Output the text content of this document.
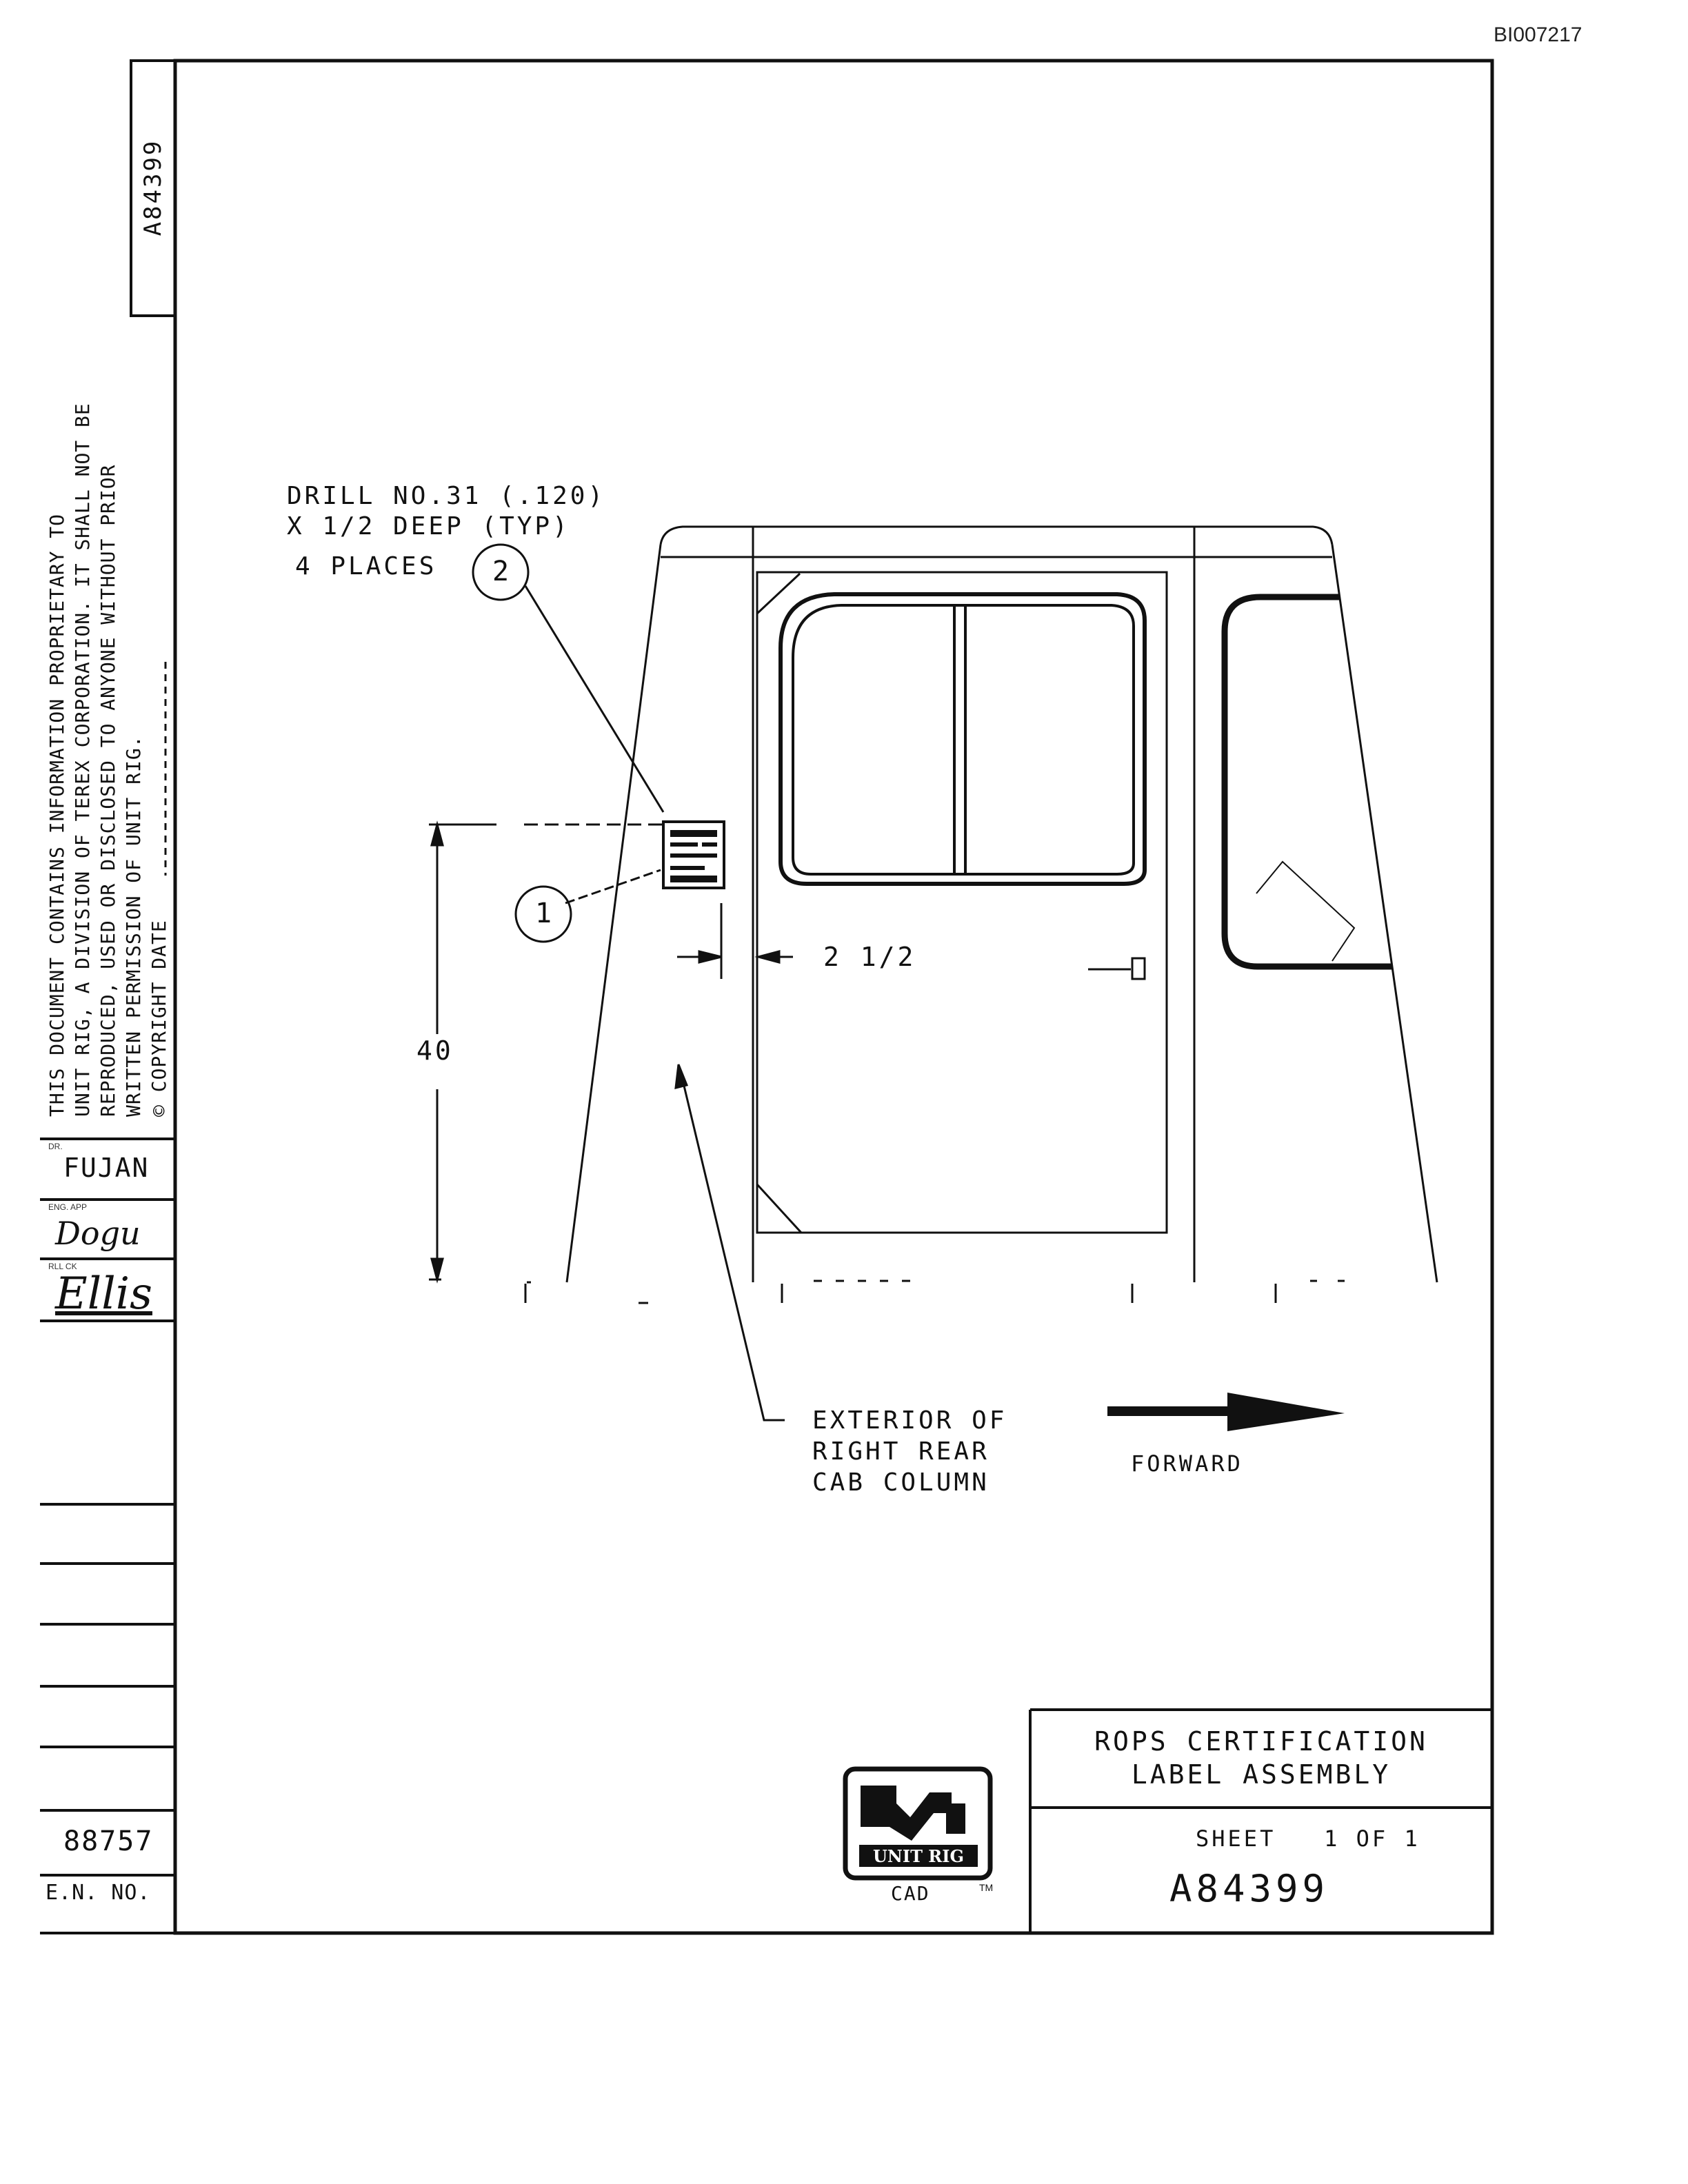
BI007217
A84399
THIS DOCUMENT CONTAINS INFORMATION PROPRIETARY TO UNIT RIG, A DIVISION OF TEREX CORPORATION. IT SHALL NOT BE REPRODUCED, USED OR DISCLOSED TO ANYONE WITHOUT PRIOR WRITTEN PERMISSION OF UNIT RIG. © COPYRIGHT DATE
DR.
FUJAN
ENG. APP
Dogu
RLL CK
Ellis
88757
E.N. NO.
DRILL NO.31 (.120)
X 1/2 DEEP (TYP)
4 PLACES	2
1
2 1/2
40
EXTERIOR OF
RIGHT REAR
CAB COLUMN
FORWARD
ROPS CERTIFICATION
LABEL ASSEMBLY
SHEET   1 OF 1
A84399
UNIT RIG
CAD	TM
